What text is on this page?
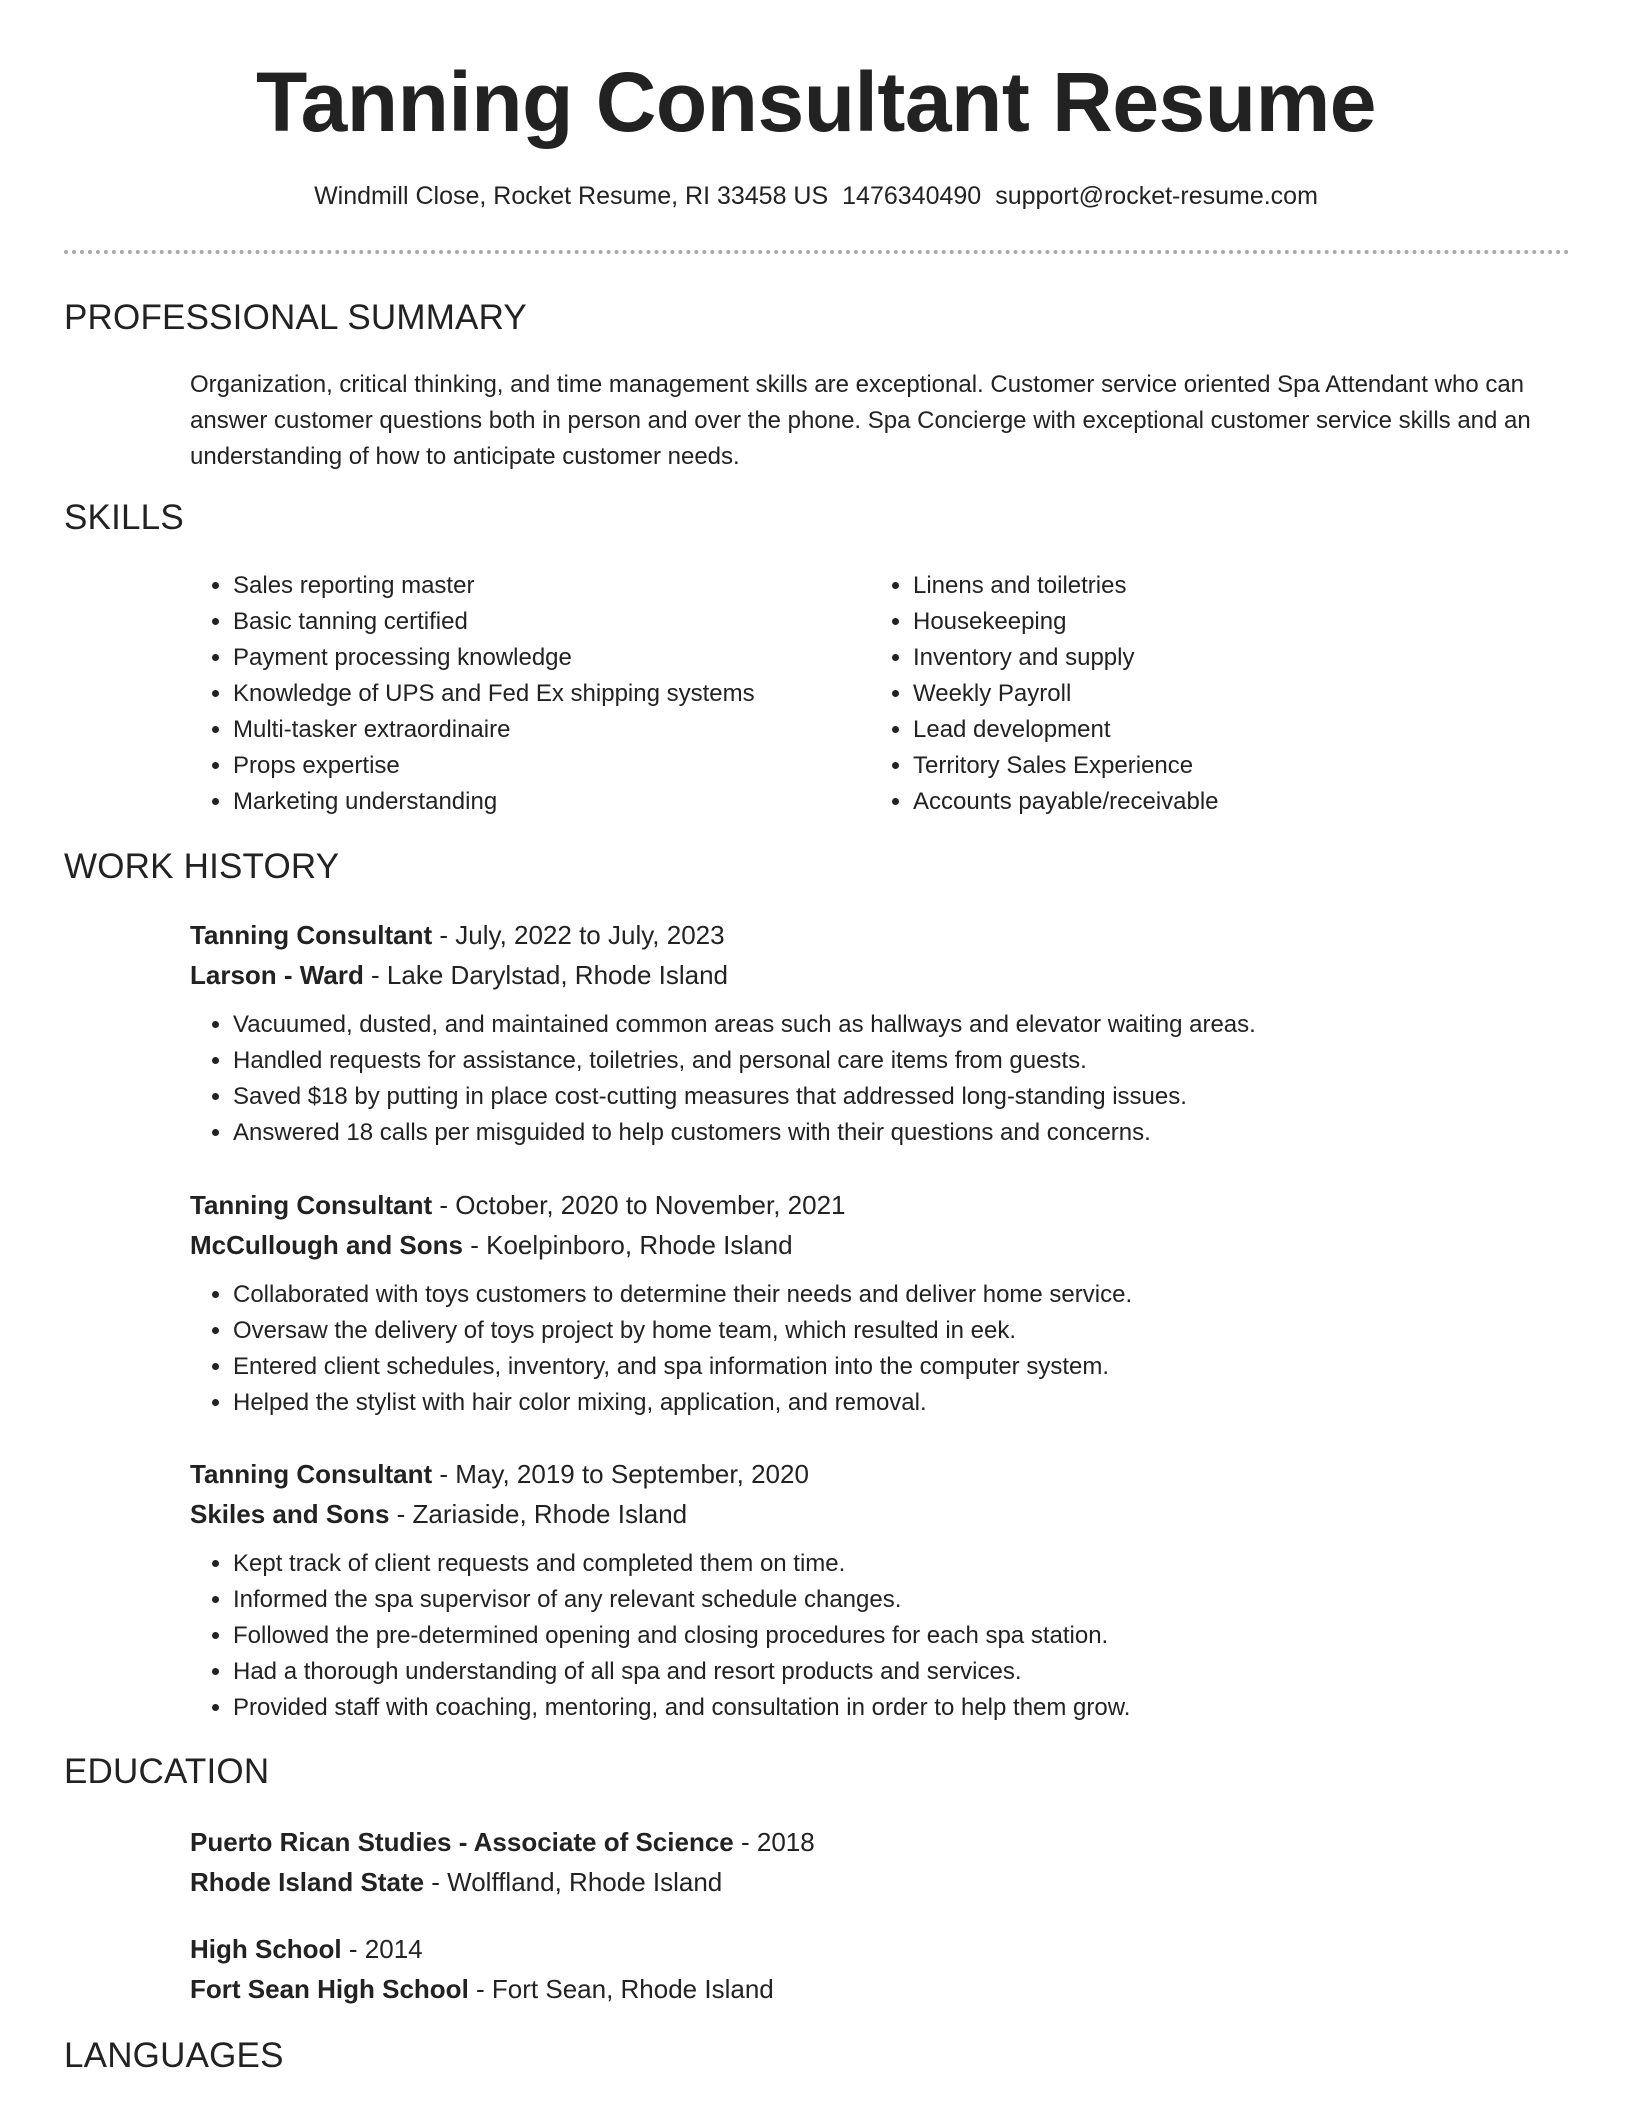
Tanning Consultant Resume
Windmill Close, Rocket Resume, RI 33458 US 1476340490 support@rocket-resume.com
PROFESSIONAL SUMMARY

Organization, critical thinking, and time management skills are exceptional. Customer service oriented Spa Attendant who can answer customer questions both in person and over the phone. Spa Concierge with exceptional customer service skills and an understanding of how to anticipate customer needs.

SKILLS
• Sales reporting master
• Basic tanning certified
• Payment processing knowledge
• Knowledge of UPS and Fed Ex shipping systems
• Multi-tasker extraordinaire
• Props expertise
• Marketing understanding
• Linens and toiletries
• Housekeeping
• Inventory and supply
• Weekly Payroll
• Lead development
• Territory Sales Experience
• Accounts payable/receivable
WORK HISTORY
Tanning Consultant - July, 2022 to July, 2023
Larson - Ward - Lake Darylstad, Rhode Island
• Vacuumed, dusted, and maintained common areas such as hallways and elevator waiting areas.
• Handled requests for assistance, toiletries, and personal care items from guests.
• Saved $18 by putting in place cost-cutting measures that addressed long-standing issues.
• Answered 18 calls per misguided to help customers with their questions and concerns.
Tanning Consultant - October, 2020 to November, 2021
McCullough and Sons - Koelpinboro, Rhode Island
• Collaborated with toys customers to determine their needs and deliver home service.
• Oversaw the delivery of toys project by home team, which resulted in eek.
• Entered client schedules, inventory, and spa information into the computer system.
• Helped the stylist with hair color mixing, application, and removal.
Tanning Consultant - May, 2019 to September, 2020
Skiles and Sons - Zariaside, Rhode Island
• Kept track of client requests and completed them on time.
• Informed the spa supervisor of any relevant schedule changes.
• Followed the pre-determined opening and closing procedures for each spa station.
• Had a thorough understanding of all spa and resort products and services.
• Provided staff with coaching, mentoring, and consultation in order to help them grow.
EDUCATION
Puerto Rican Studies - Associate of Science - 2018
Rhode Island State - Wolffland, Rhode Island
High School - 2014
Fort Sean High School - Fort Sean, Rhode Island
LANGUAGES
